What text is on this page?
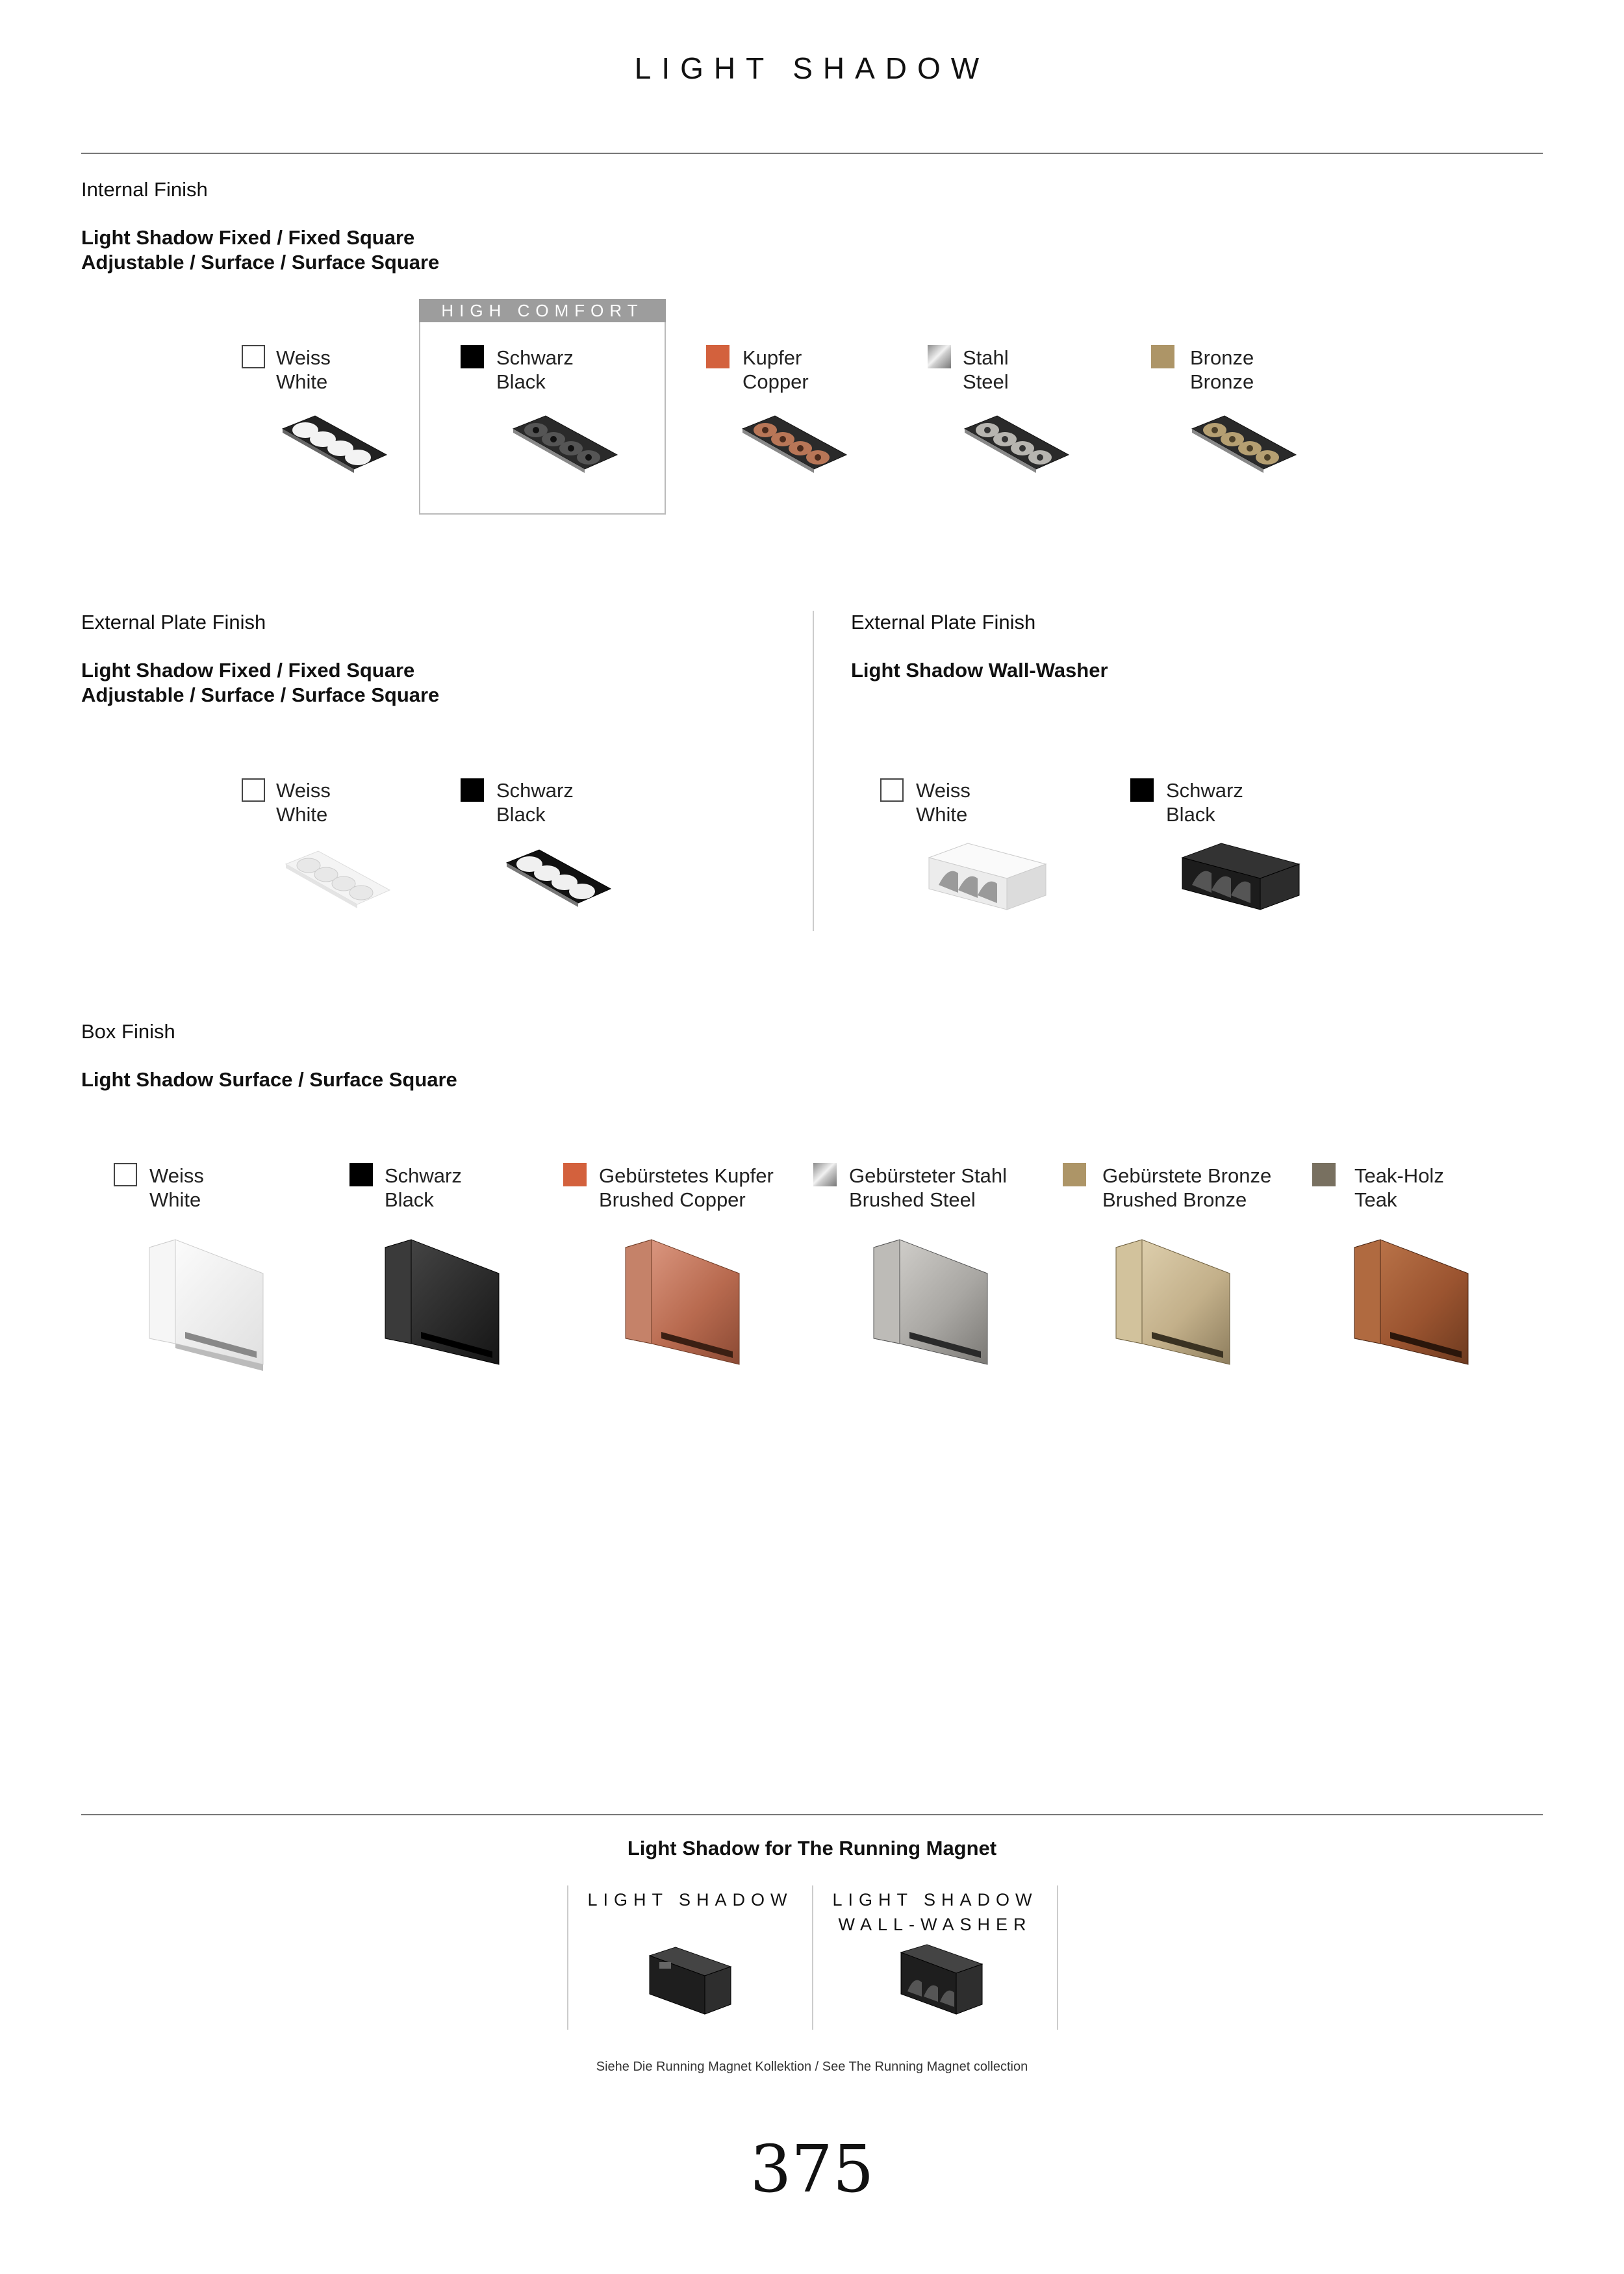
LIGHT SHADOW
Internal Finish
Light Shadow Fixed / Fixed Square
Adjustable / Surface / Surface Square
HIGH COMFORT
Weiss
White
Schwarz
Black
Kupfer
Copper
Stahl
Steel
Bronze
Bronze
External Plate Finish
Light Shadow Fixed / Fixed Square
Adjustable / Surface / Surface Square
Weiss
White
Schwarz
Black
External Plate Finish
Light Shadow Wall-Washer
Weiss
White
Schwarz
Black
Box Finish
Light Shadow Surface / Surface Square
Weiss
White
Schwarz
Black
Gebürstetes Kupfer
Brushed Copper
Gebürsteter Stahl
Brushed Steel
Gebürstete Bronze
Brushed Bronze
Teak-Holz
Teak
Light Shadow for The Running Magnet
LIGHT SHADOW	LIGHT SHADOW
WALL-WASHER
Siehe Die Running Magnet Kollektion / See The Running Magnet collection
375
